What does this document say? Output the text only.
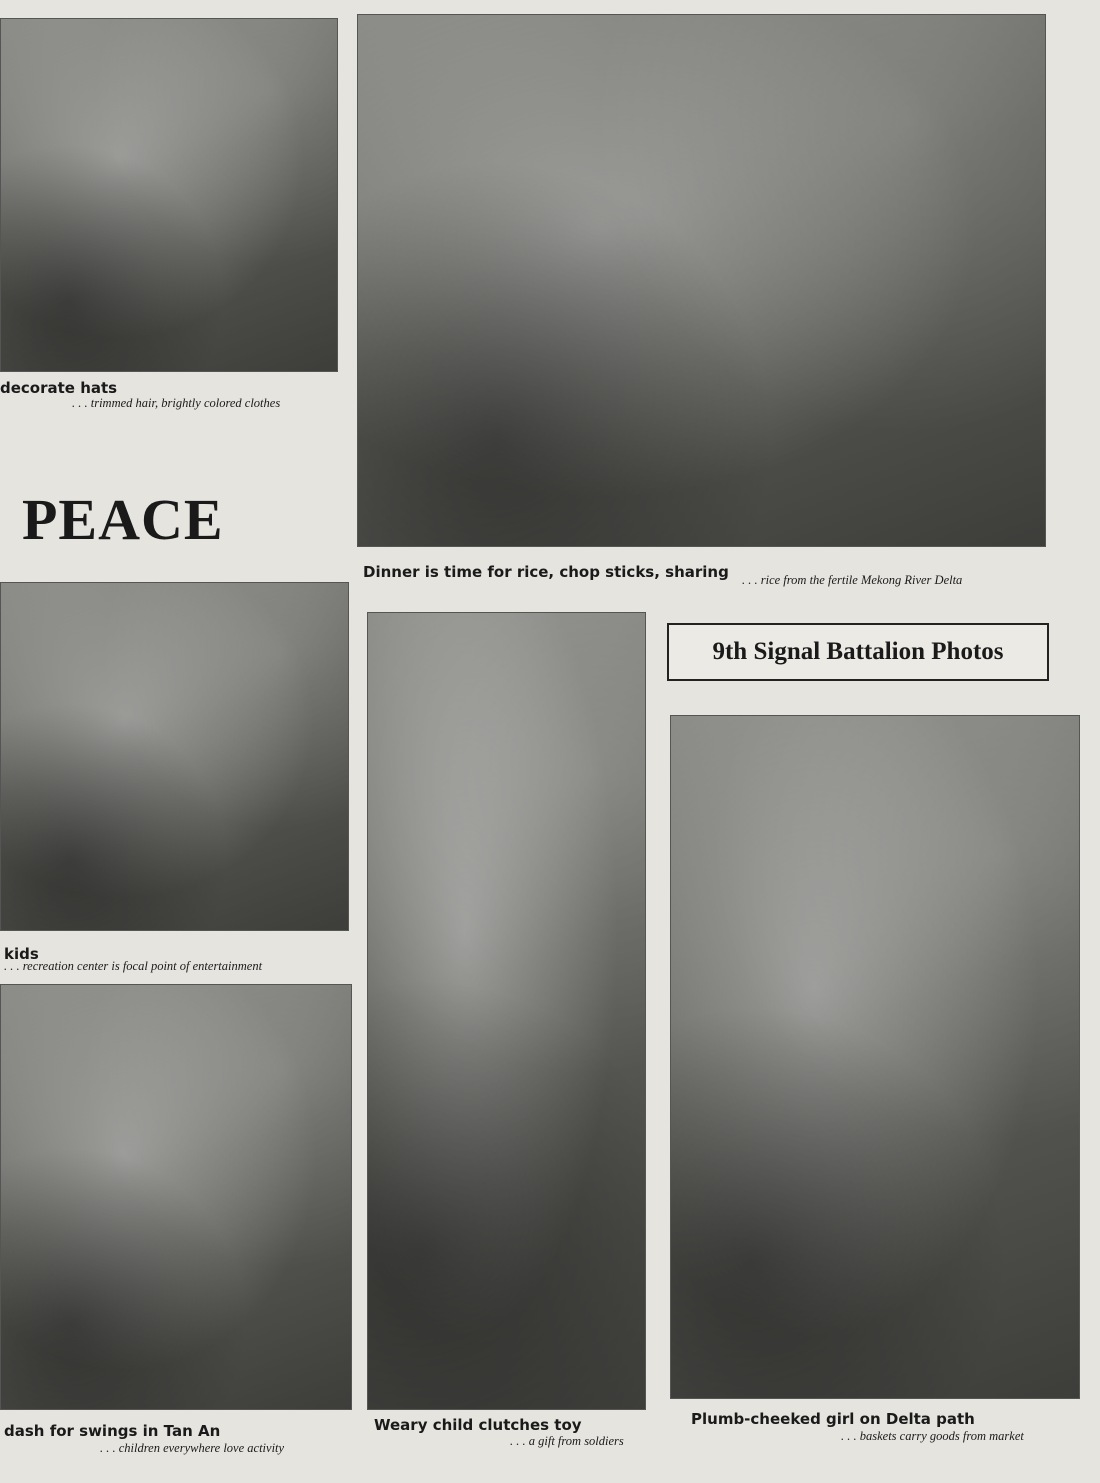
PEACE
9th Signal Battalion Photos
decorate hats
. . . trimmed hair, brightly colored clothes
Dinner is time for rice, chop sticks, sharing . . . rice from the fertile Mekong River Delta
kids
. . . recreation center is focal point of entertainment
dash for swings in Tan An
. . . children everywhere love activity
Weary child clutches toy
. . . a gift from soldiers
Plumb-cheeked girl on Delta path
. . . baskets carry goods from market
